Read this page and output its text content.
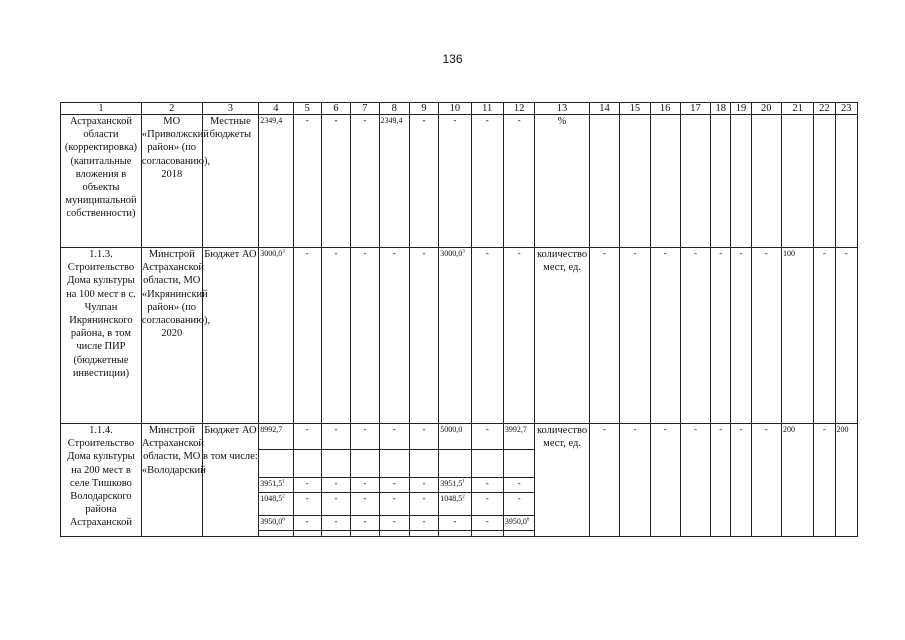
136
1	2	3	4	5	6	7	8	9	10	11	12	13	14	15	16	17	18	19	20	21	22	23
Астраханской области (корректировка) (капитальные вложения в объекты муниципальной собственности)	МО «Приволжский район» (по согласованию), 2018	Местные бюджеты	2349,4	-	-	-	2349,4	-	-	-	-	%										
1.1.3. Строительство Дома культуры на 100 мест в с. Чулпан Икрянинского района, в том числе ПИР (бюджетные инвестиции)	Минстрой Астраханской области, МО «Икрянинский район» (по согласованию), 2020	Бюджет АО	3000,0$^3$	-	-	-	-	-	3000,0$^3$	-	-	количество мест, ед.	-	-	-	-	-	-	-	100	-	-
1.1.4. Строительство Дома культуры на 200 мест в селе Тишково Володарского района Астраханской	Минстрой Астраханской области, МО «Володарский	Бюджет АО	8992,7	-	-	-	-	-	5000,0	-	3992,7	количество мест, ед.	-	-	-	-	-	-	-	200	-	200
		в том числе:																				
			3951,5$^1$	-	-	-	-	-	3951,5$^1$	-	-											
			1048,5$^2$	-	-	-	-	-	1048,5$^2$	-	-											
			3950,0$^6$	-	-	-	-	-	-	-	3950,0$^6$
